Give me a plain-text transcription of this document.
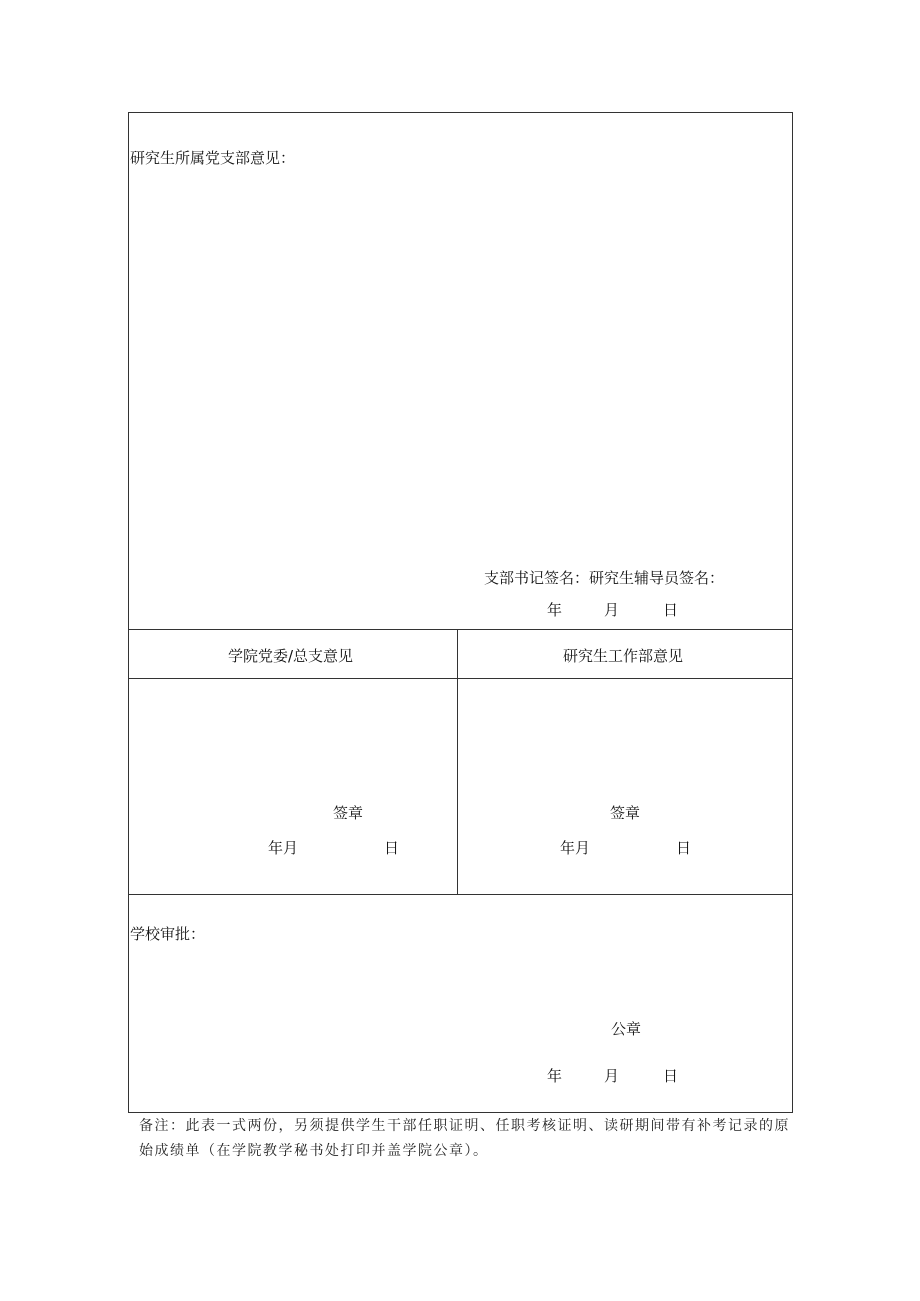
研究生所属党支部意见：
支部书记签名：研究生辅导员签名：
年	月	日
学院党委/总支意见	研究生工作部意见
签章
年月	日
签章
年月	日
学校审批：
公章
年	月	日
备注：此表一式两份，另须提供学生干部任职证明、任职考核证明、读研期间带有补考记录的原
始成绩单（在学院教学秘书处打印并盖学院公章）。
